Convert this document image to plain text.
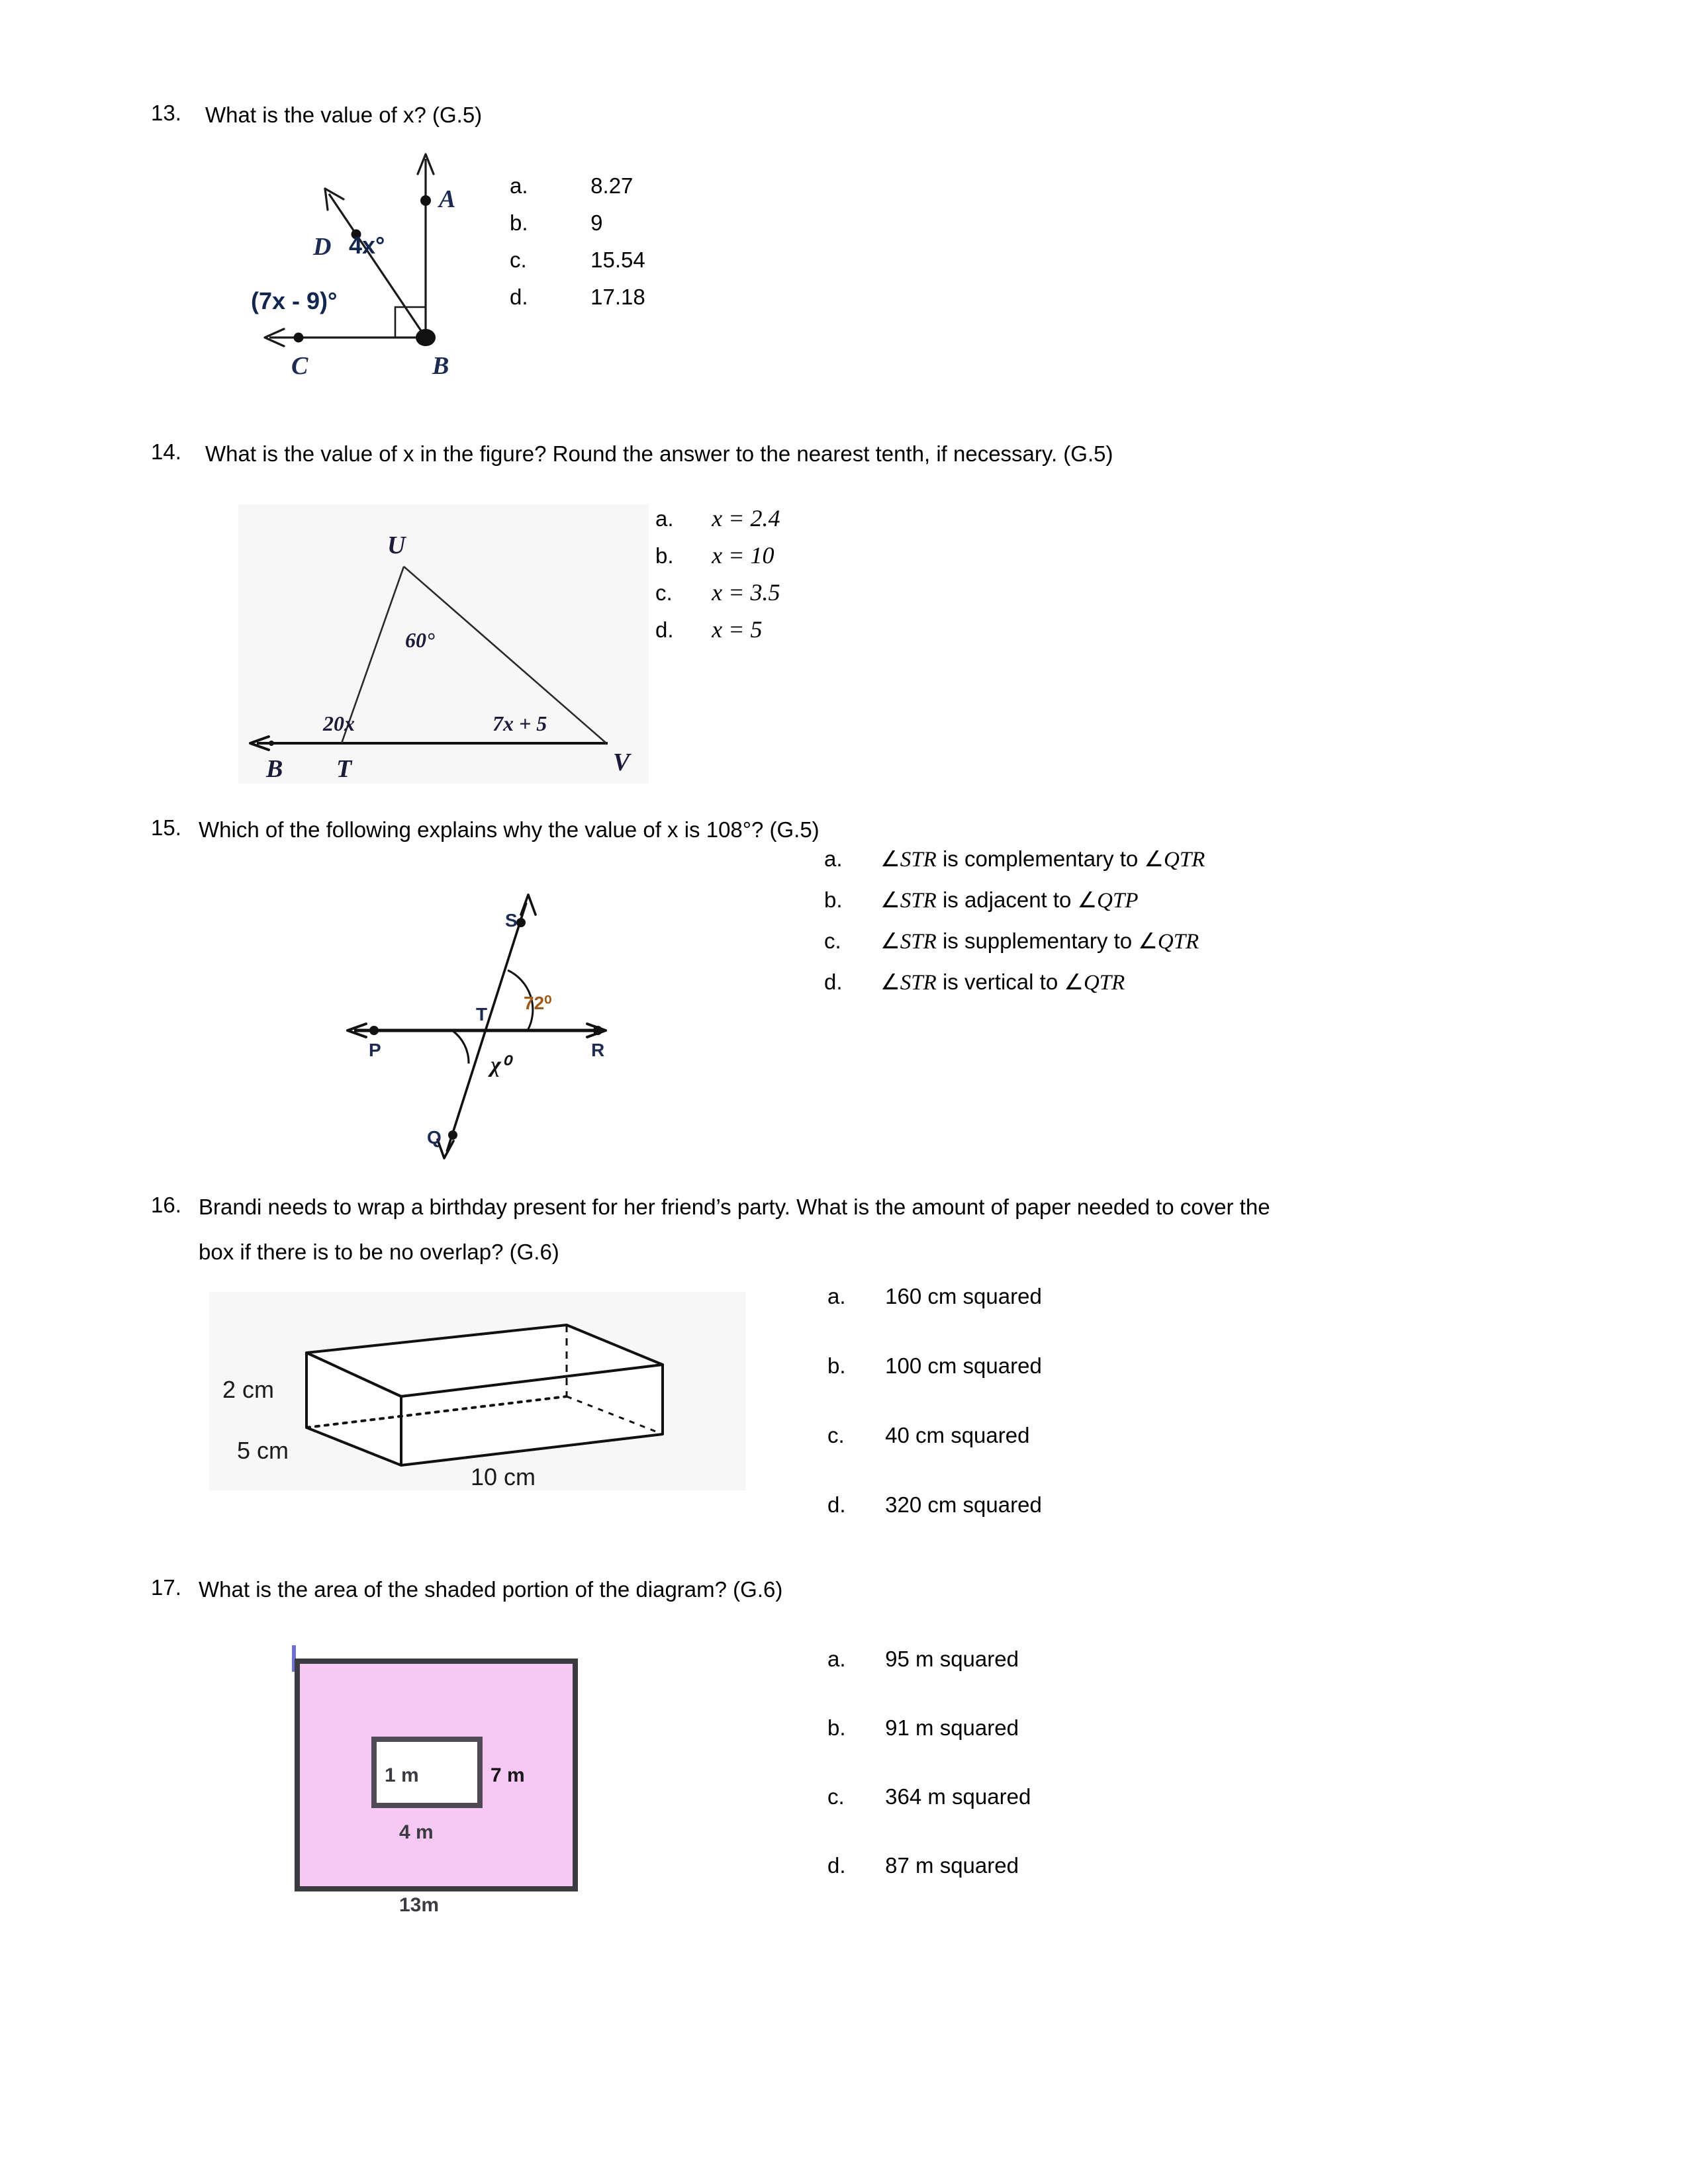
13. What is the value of x? (G.5)
A
B
C
D 4x°
(7x - 9)°
a.	8.27
b.	9
c.	15.54
d.	17.18
14. What is the value of x in the figure? Round the answer to the nearest tenth, if necessary. (G.5)
U
B T	V
60°
20x	7x + 5
a. x = 2.4
b. x = 10
c. x = 3.5
d. x = 5
15. Which of the following explains why the value of x is 108°? (G.5)
S
T
P	R
Q
72⁰
χ⁰
a. ∠STR is complementary to ∠QTR
b. ∠STR is adjacent to ∠QTP
c. ∠STR is supplementary to ∠QTR
d. ∠STR is vertical to ∠QTR
16. Brandi needs to wrap a birthday present for her friend’s party. What is the amount of paper needed to cover the
box if there is to be no overlap? (G.6)
2 cm
5 cm
10 cm
a. 160 cm squared
b. 100 cm squared
c. 40 cm squared
d. 320 cm squared
17. What is the area of the shaded portion of the diagram? (G.6)
1 m	7 m
4 m
13m
a. 95 m squared
b. 91 m squared
c. 364 m squared
d. 87 m squared
